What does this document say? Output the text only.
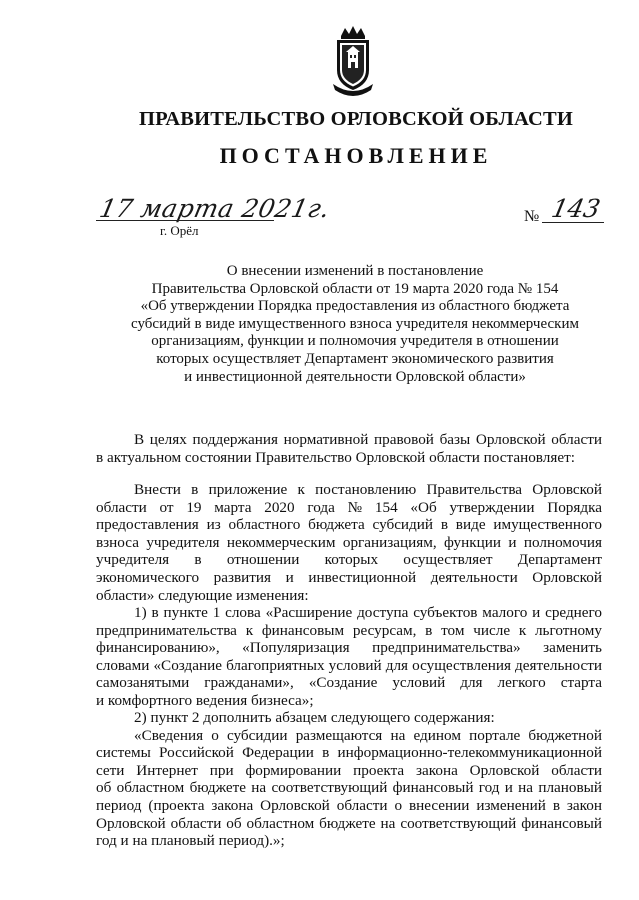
ПРАВИТЕЛЬСТВО ОРЛОВСКОЙ ОБЛАСТИ
ПОСТАНОВЛЕНИЕ
17 марта 2021г.
г. Орёл
№ 143
О внесении изменений в постановление
Правительства Орловской области от 19 марта 2020 года № 154
«Об утверждении Порядка предоставления из областного бюджета
субсидий в виде имущественного взноса учредителя некоммерческим
организациям, функции и полномочия учредителя в отношении
которых осуществляет Департамент экономического развития
и инвестиционной деятельности Орловской области»
В целях поддержания нормативной правовой базы Орловской области
в актуальном состоянии Правительство Орловской области постановляет:
Внести в приложение к постановлению Правительства Орловской
области от 19 марта 2020 года № 154 «Об утверждении Порядка
предоставления из областного бюджета субсидий в виде имущественного
взноса учредителя некоммерческим организациям, функции и полномочия
учредителя в отношении которых осуществляет Департамент
экономического развития и инвестиционной деятельности Орловской
области» следующие изменения:
1) в пункте 1 слова «Расширение доступа субъектов малого и среднего
предпринимательства к финансовым ресурсам, в том числе к льготному
финансированию», «Популяризация предпринимательства» заменить
словами «Создание благоприятных условий для осуществления деятельности
самозанятыми гражданами», «Создание условий для легкого старта
и комфортного ведения бизнеса»;
2) пункт 2 дополнить абзацем следующего содержания:
«Сведения о субсидии размещаются на едином портале бюджетной
системы Российской Федерации в информационно-телекоммуникационной
сети Интернет при формировании проекта закона Орловской области
об областном бюджете на соответствующий финансовый год и на плановый
период (проекта закона Орловской области о внесении изменений в закон
Орловской области об областном бюджете на соответствующий финансовый
год и на плановый период).»;
